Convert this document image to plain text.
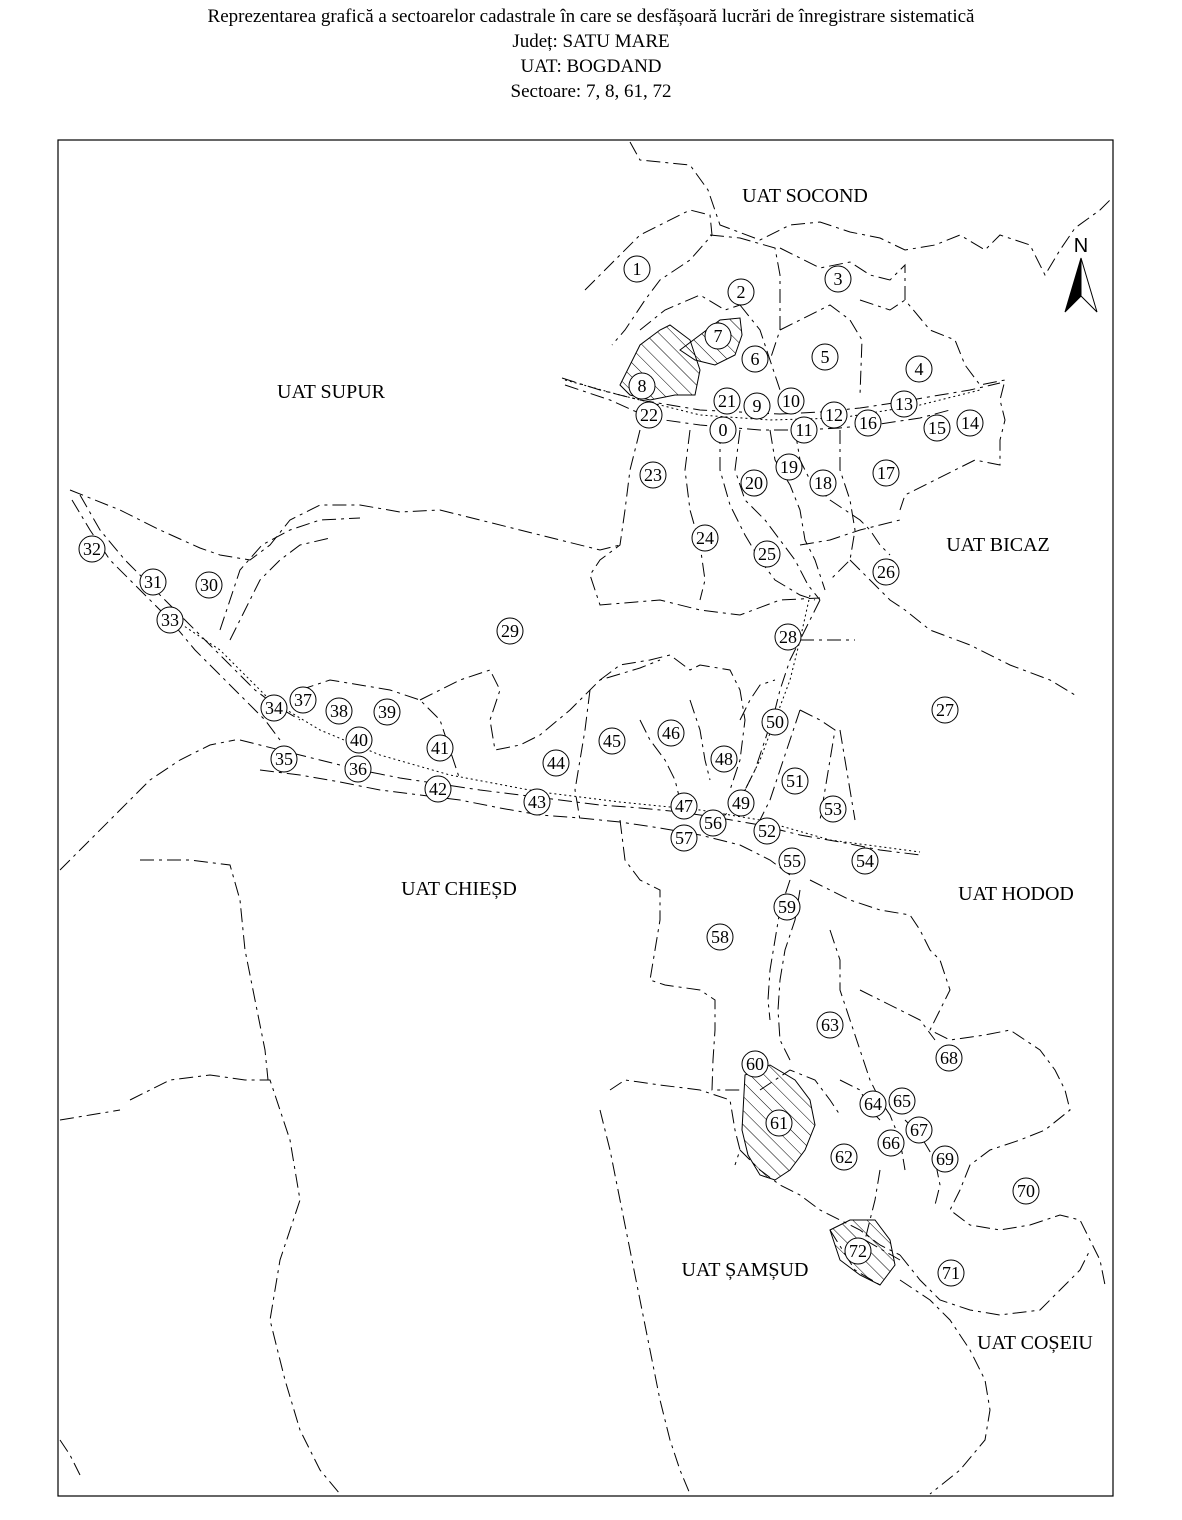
Reprezentarea grafică a sectoarelor cadastrale în care se desfășoară lucrări de înregistrare sistematică
Județ: SATU MARE
UAT: BOGDAND
Sectoare: 7, 8, 61, 72
0
1
2
3
4
5
6
7
8
9 10
11
12
13
14
15
16
17
18
19
20
21
22
23
24
25
26
27
28
29
30
31
32
33
34
35	36
37
38 39
40	41
42
43
44
45 46
47
48
49
50
51
52
53
54
55
56
57
58
59
60
61
62
63
64 65
66
67
68
69
70
71
72
UAT SOCOND
UAT SUPUR
UAT BICAZ
UAT CHIEȘD	UAT HODOD
UAT ȘAMȘUD
UAT COȘEIU
N
